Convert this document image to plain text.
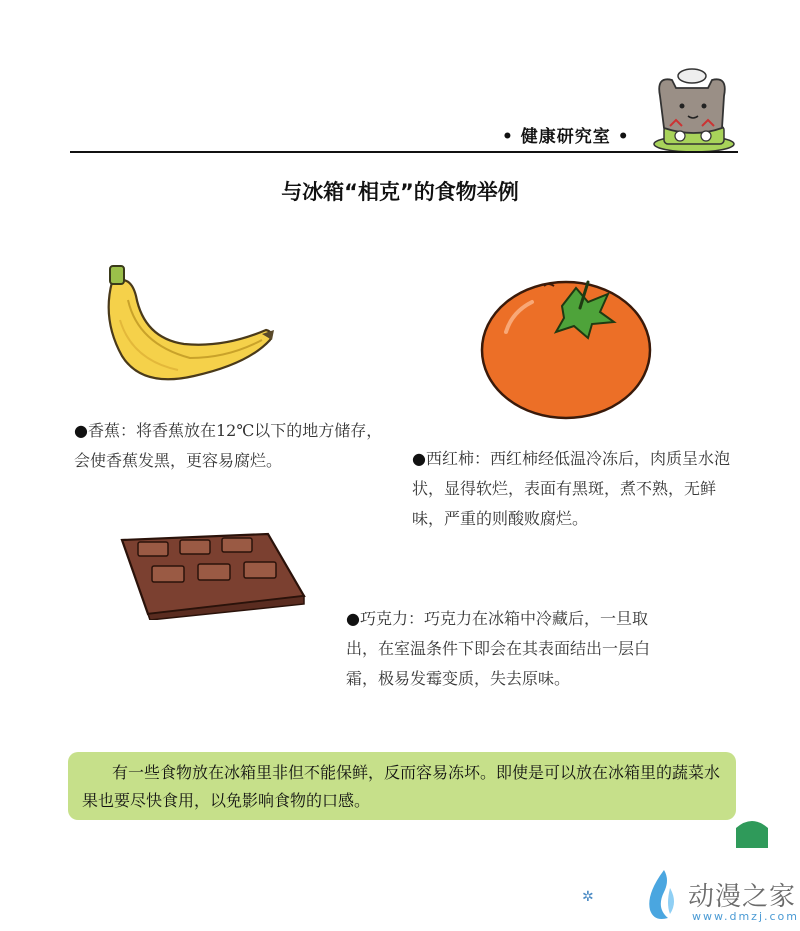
• 健康研究室 •
与冰箱“相克”的食物举例
●香蕉：将香蕉放在12℃以下的地方储存，会使香蕉发黑，更容易腐烂。	●西红柿：西红柿经低温冷冻后，肉质呈水泡状，显得软烂，表面有黑斑，煮不熟，无鲜味，严重的则酸败腐烂。
●巧克力：巧克力在冰箱中冷藏后，一旦取出，在室温条件下即会在其表面结出一层白霜，极易发霉变质，失去原味。
有一些食物放在冰箱里非但不能保鲜，反而容易冻坏。即使是可以放在冰箱里的蔬菜水果也要尽快食用，以免影响食物的口感。
✲	动漫之家
www.dmzj.com
